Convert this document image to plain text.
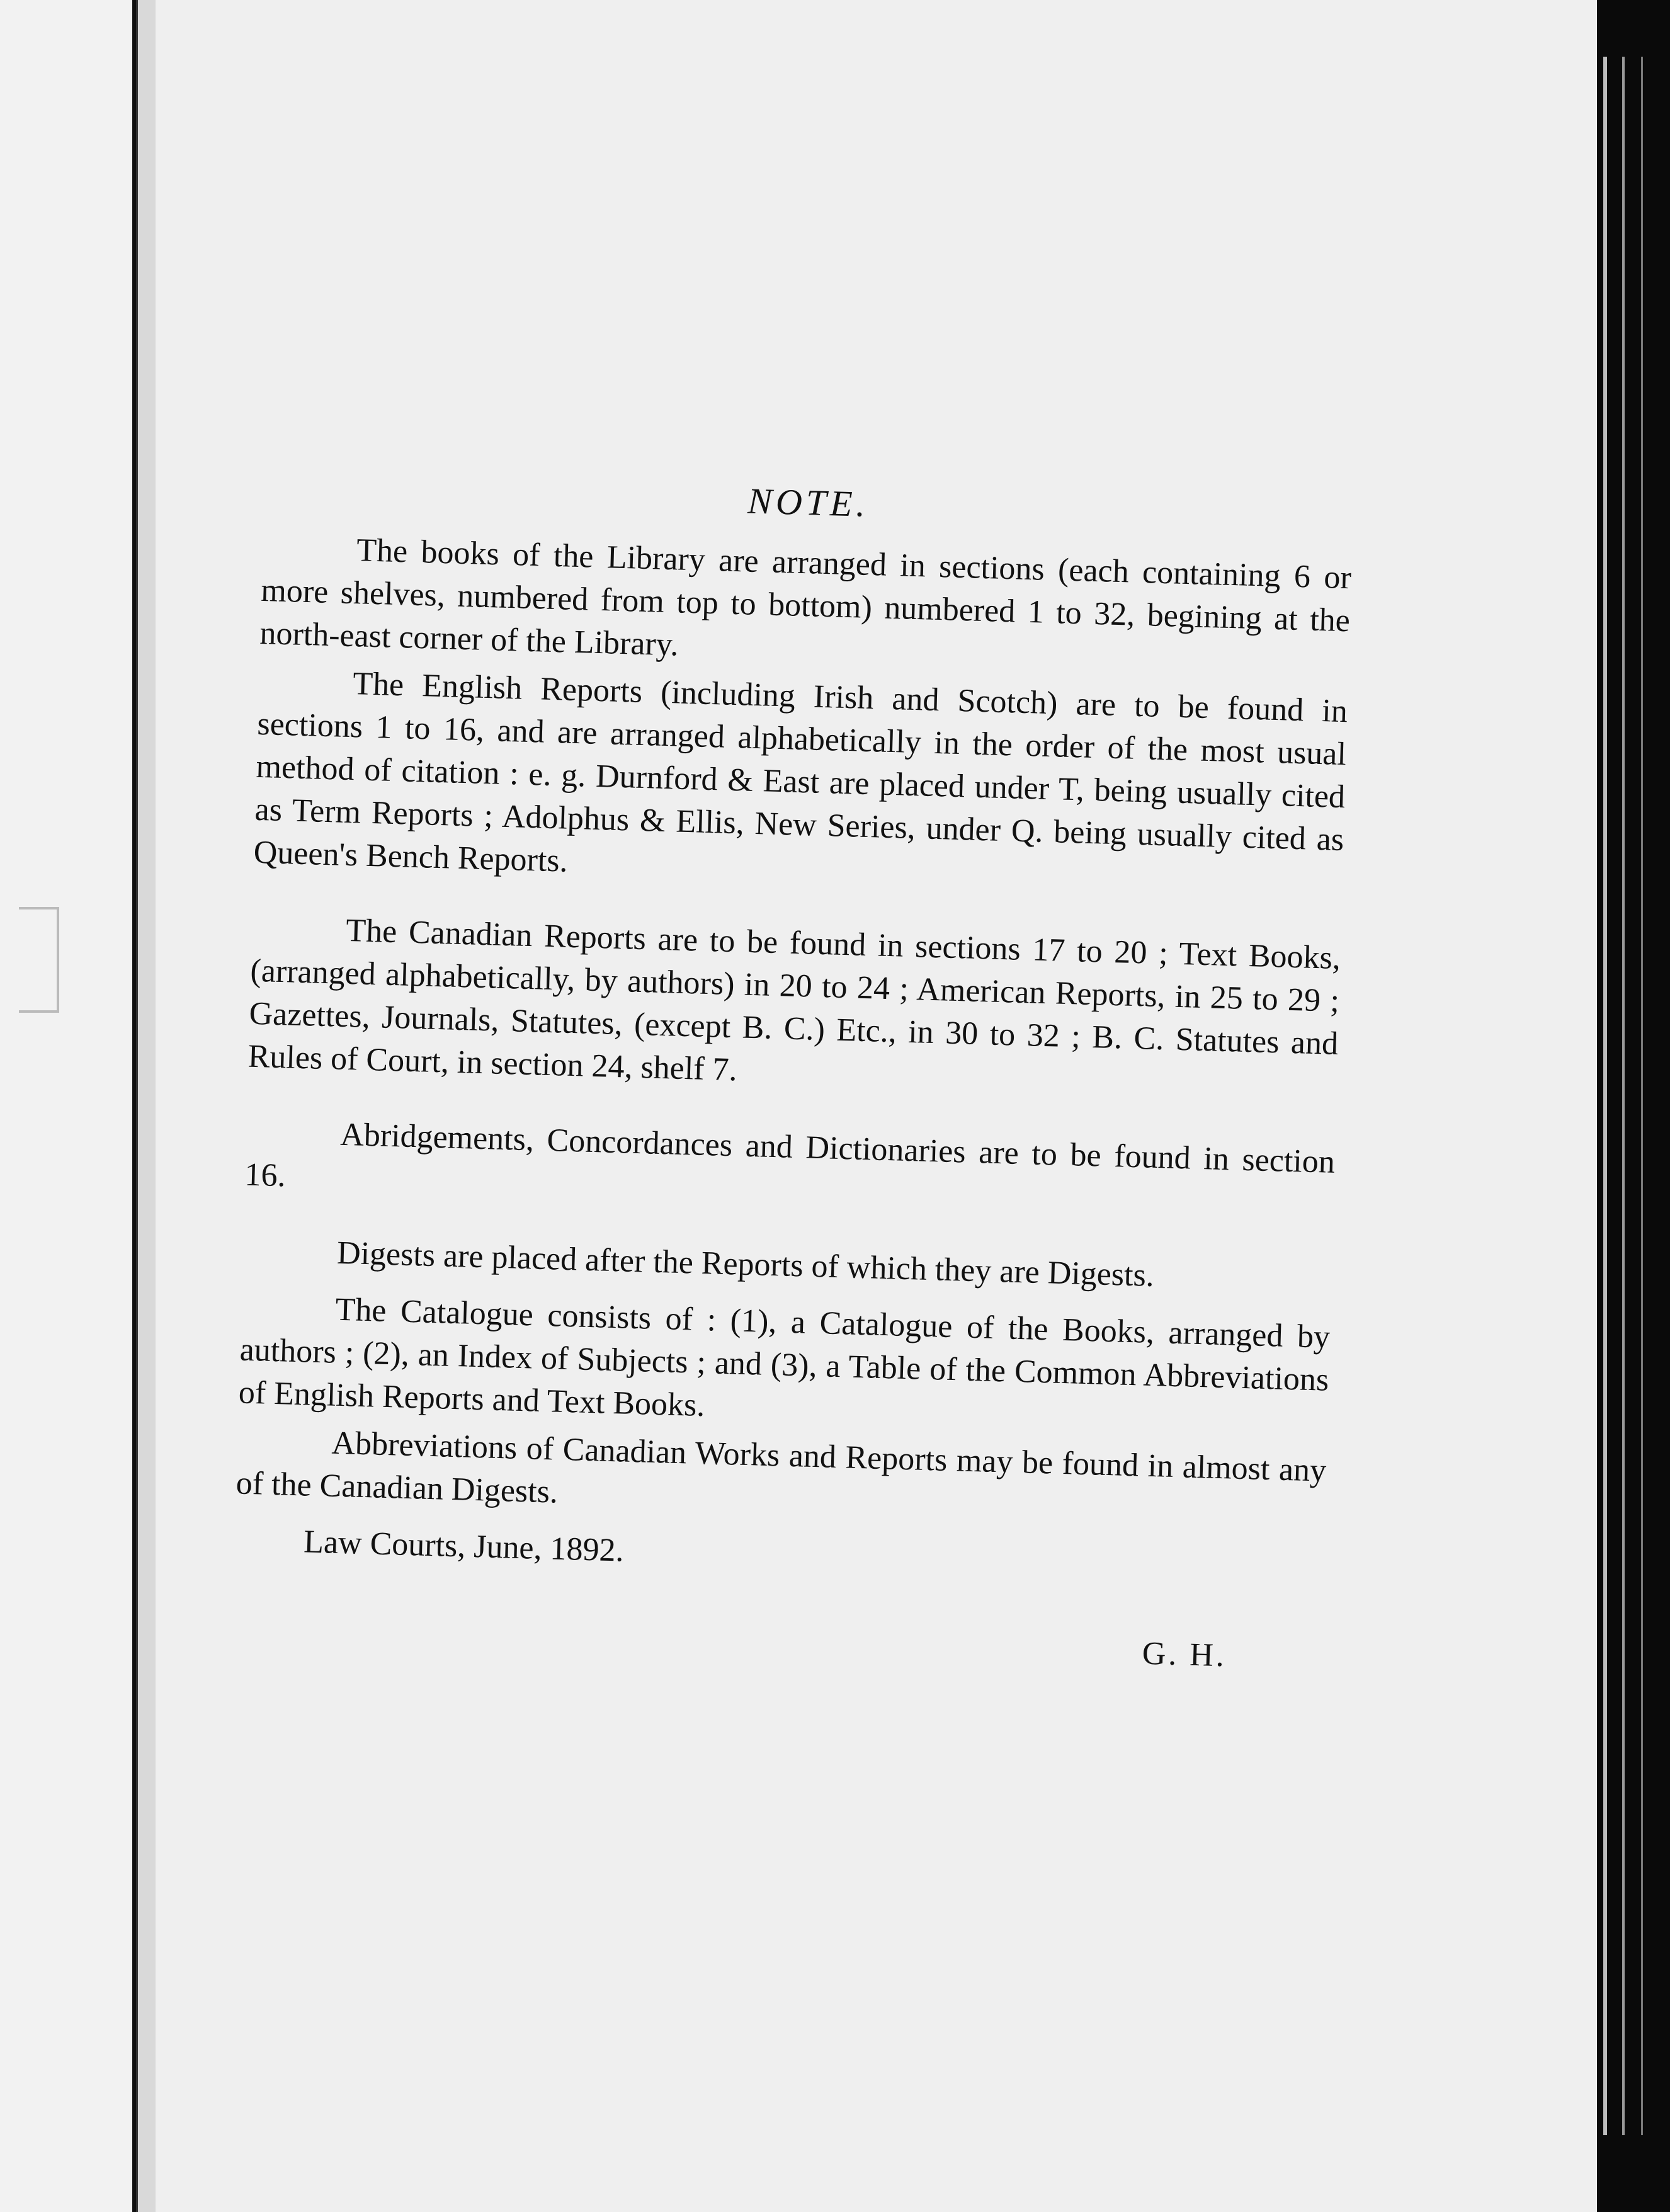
NOTE.

The books of the Library are arranged in sections (each containing 6 or more shelves, numbered from top to bottom) numbered 1 to 32, begining at the north-east corner of the Library.

The English Reports (including Irish and Scotch) are to be found in sections 1 to 16, and are arranged alphabetically in the order of the most usual method of citation : e. g. Durnford & East are placed under T, being usually cited as Term Reports ; Adolphus & Ellis, New Series, under Q. being usually cited as Queen's Bench Reports.

The Canadian Reports are to be found in sections 17 to 20 ; Text Books, (arranged alphabetically, by authors) in 20 to 24 ; American Reports, in 25 to 29 ; Gazettes, Journals, Statutes, (except B. C.) Etc., in 30 to 32 ; B. C. Statutes and Rules of Court, in section 24, shelf 7.

Abridgements, Concordances and Dictionaries are to be found in section 16.

Digests are placed after the Reports of which they are Digests.

The Catalogue consists of : (1), a Catalogue of the Books, arranged by authors ; (2), an Index of Subjects ; and (3), a Table of the Common Abbreviations of English Reports and Text Books.

Abbreviations of Canadian Works and Reports may be found in almost any of the Canadian Digests.

Law Courts, June, 1892.

G. H.
